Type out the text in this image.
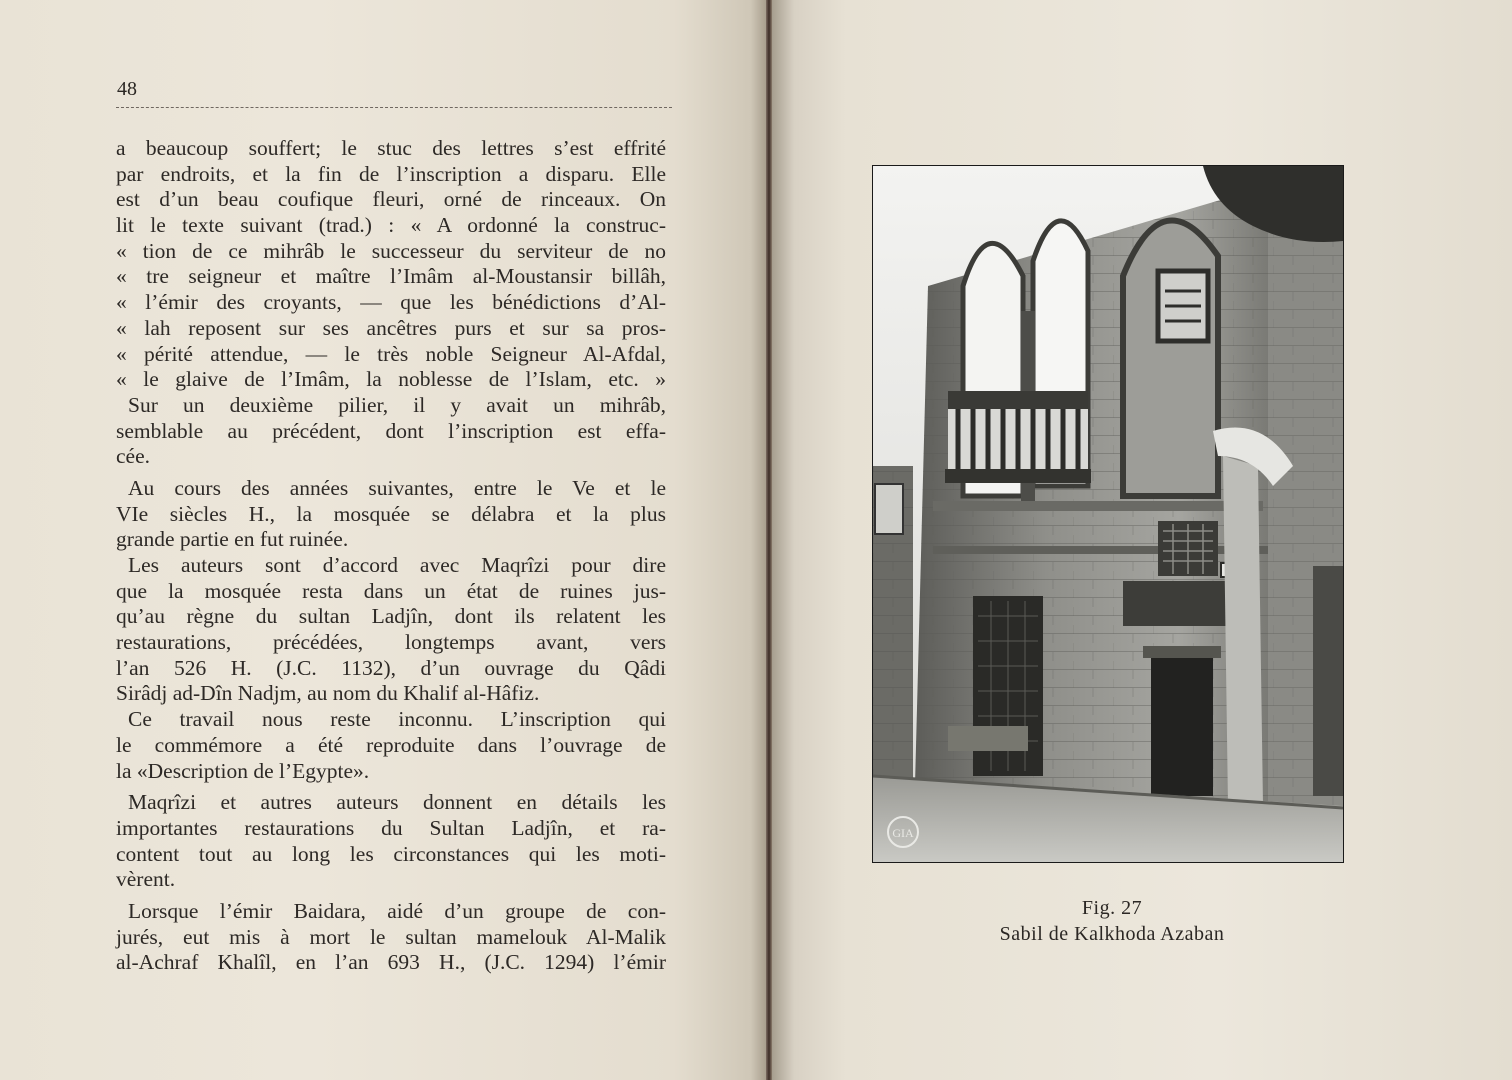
48
a beaucoup souffert; le stuc des lettres s’est effrité
par endroits, et la fin de l’inscription a disparu. Elle
est d’un beau coufique fleuri, orné de rinceaux. On
lit le texte suivant (trad.) : « A ordonné la construc-
« tion de ce mihrâb le successeur du serviteur de no
« tre seigneur et maître l’Imâm al-Moustansir billâh,
« l’émir des croyants, — que les bénédictions d’Al-
« lah reposent sur ses ancêtres purs et sur sa pros-
« périté attendue, — le très noble Seigneur Al-Afdal,
« le glaive de l’Imâm, la noblesse de l’Islam, etc. »
Sur un deuxième pilier, il y avait un mihrâb,
semblable au précédent, dont l’inscription est effa-
cée.
Au cours des années suivantes, entre le Ve et le
VIe siècles H., la mosquée se délabra et la plus
grande partie en fut ruinée.
Les auteurs sont d’accord avec Maqrîzi pour dire
que la mosquée resta dans un état de ruines jus-
qu’au règne du sultan Ladjîn, dont ils relatent les
restaurations, précédées, longtemps avant, vers
l’an 526 H. (J.C. 1132), d’un ouvrage du Qâdi
Sirâdj ad-Dîn Nadjm, au nom du Khalif al-Hâfiz.
Ce travail nous reste inconnu. L’inscription qui
le commémore a été reproduite dans l’ouvrage de
la «Description de l’Egypte».
Maqrîzi et autres auteurs donnent en détails les
importantes restaurations du Sultan Ladjîn, et ra-
content tout au long les circonstances qui les moti-
vèrent.
Lorsque l’émir Baidara, aidé d’un groupe de con-
jurés, eut mis à mort le sultan mamelouk Al-Malik
al-Achraf Khalîl, en l’an 693 H., (J.C. 1294) l’émir
GIA
Fig. 27
Sabil de Kalkhoda Azaban
